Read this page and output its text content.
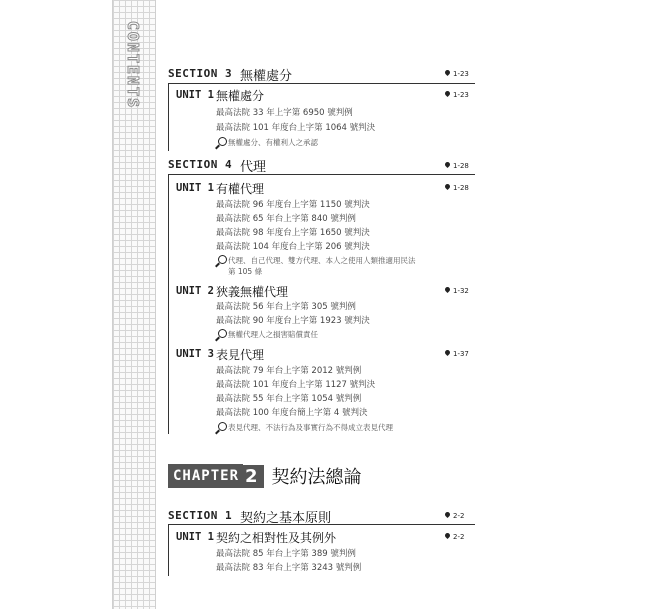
CONTENTS SECTION 3 無權處分	1-23
UNIT 1 無權處分	1-23
最高法院 33 年上字第 6950 號判例
最高法院 101 年度台上字第 1064 號判決
無權處分、有權利人之承認
SECTION 4 代理	1-28
UNIT 1 有權代理	1-28
最高法院 96 年度台上字第 1150 號判決
最高法院 65 年台上字第 840 號判例
最高法院 98 年度台上字第 1650 號判決
最高法院 104 年度台上字第 206 號判決
代理、自己代理、雙方代理、本人之使用人類推適用民法
第 105 條
UNIT 2 狹義無權代理	1-32
最高法院 56 年台上字第 305 號判例
最高法院 90 年度台上字第 1923 號判決
無權代理人之損害賠償責任
UNIT 3 表見代理	1-37
最高法院 79 年台上字第 2012 號判例
最高法院 101 年度台上字第 1127 號判決
最高法院 55 年台上字第 1054 號判例
最高法院 100 年度台簡上字第 4 號判決
表見代理、不法行為及事實行為不得成立表見代理
CHAPTER 2 契約法總論
SECTION 1 契約之基本原則	2-2
UNIT 1 契約之相對性及其例外	2-2
最高法院 85 年台上字第 389 號判例
最高法院 83 年台上字第 3243 號判例
